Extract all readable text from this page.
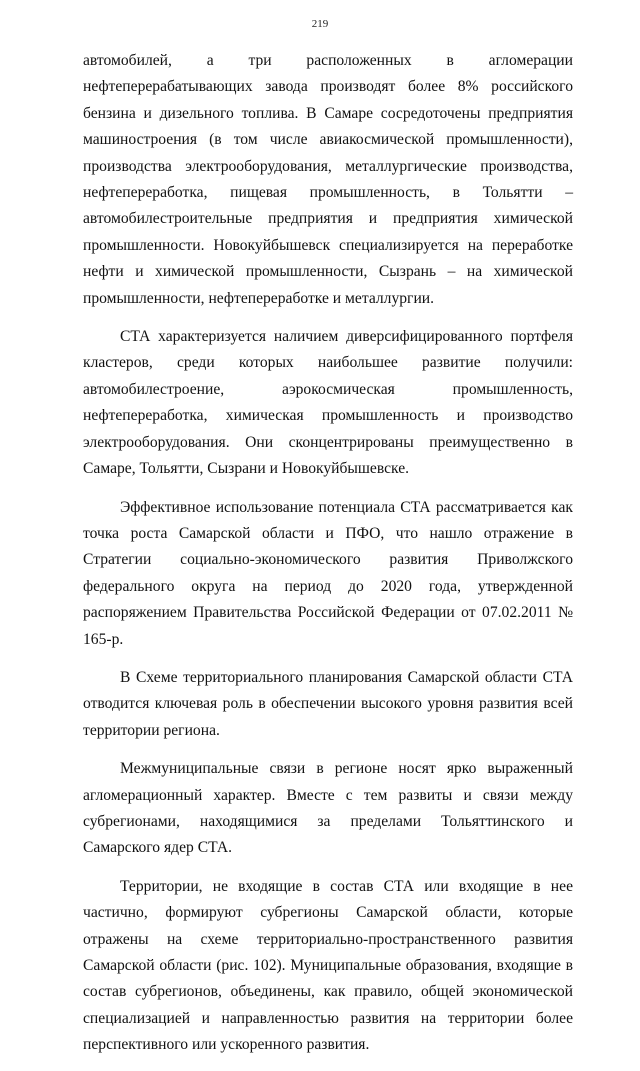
219

автомобилей, а три расположенных в агломерации нефтеперерабатывающих завода производят более 8% российского бензина и дизельного топлива. В Самаре сосредоточены предприятия машиностроения (в том числе авиакосмической промышленности), производства электрооборудования, металлургические производства, нефтепереработка, пищевая промышленность, в Тольятти – автомобилестроительные предприятия и предприятия химической промышленности. Новокуйбышевск специализируется на переработке нефти и химической промышленности, Сызрань – на химической промышленности, нефтепереработке и металлургии.

СТА характеризуется наличием диверсифицированного портфеля кластеров, среди которых наибольшее развитие получили: автомобилестроение, аэрокосмическая промышленность, нефтепереработка, химическая промышленность и производство электрооборудования. Они сконцентрированы преимущественно в Самаре, Тольятти, Сызрани и Новокуйбышевске.

Эффективное использование потенциала СТА рассматривается как точка роста Самарской области и ПФО, что нашло отражение в Стратегии социально-экономического развития Приволжского федерального округа на период до 2020 года, утвержденной распоряжением Правительства Российской Федерации от 07.02.2011 № 165-р.

В Схеме территориального планирования Самарской области СТА отводится ключевая роль в обеспечении высокого уровня развития всей территории региона.

Межмуниципальные связи в регионе носят ярко выраженный агломерационный характер. Вместе с тем развиты и связи между субрегионами, находящимися за пределами Тольяттинского и Самарского ядер СТА.

Территории, не входящие в состав СТА или входящие в нее частично, формируют субрегионы Самарской области, которые отражены на схеме территориально-пространственного развития Самарской области (рис. 102). Муниципальные образования, входящие в состав субрегионов, объединены, как правило, общей экономической специализацией и направленностью развития на территории более перспективного или ускоренного развития.
